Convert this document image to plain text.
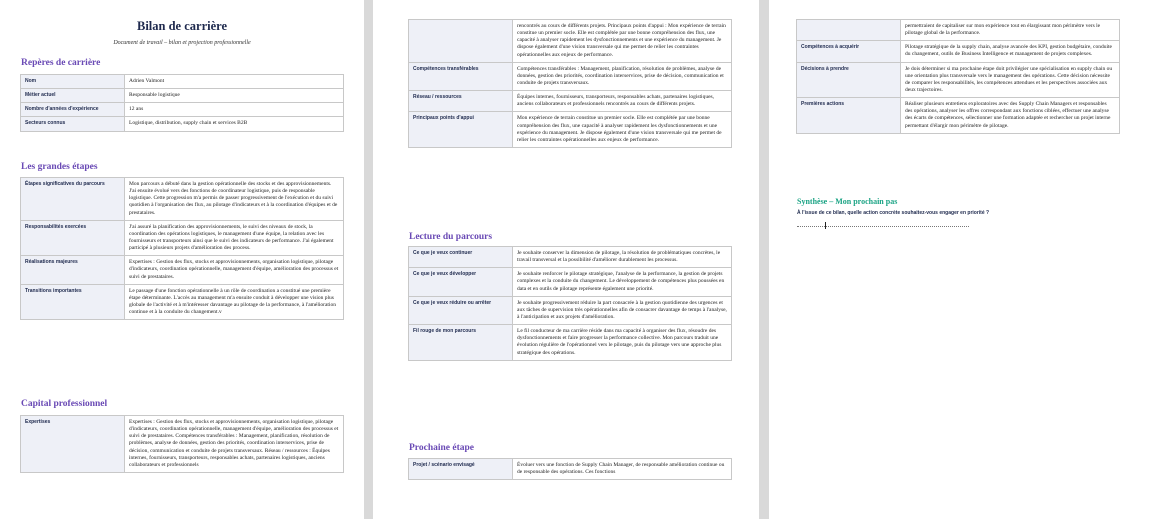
Bilan de carrière
Document de travail – bilan et projection professionnelle
Repères de carrière
Nom	Adrien Valmont
Métier actuel	Responsable logistique
Nombre d'années d'expérience	12 ans
Secteurs connus	Logistique, distribution, supply chain et services B2B
Les grandes étapes
Étapes significatives du parcours	Mon parcours a débuté dans la gestion opérationnelle des stocks et des approvisionnements. J'ai ensuite évolué vers des fonctions de coordinateur logistique, puis de responsable logistique. Cette progression m'a permis de passer progressivement de l'exécution et du suivi quotidien à l'organisation des flux, au pilotage d'indicateurs et à la coordination d'équipes et de prestataires.
Responsabilités exercées	J'ai assuré la planification des approvisionnements, le suivi des niveaux de stock, la coordination des opérations logistiques, le management d'une équipe, la relation avec les fournisseurs et transporteurs ainsi que le suivi des indicateurs de performance. J'ai également participé à plusieurs projets d'amélioration des process.
Réalisations majeures	Expertises : Gestion des flux, stocks et approvisionnements, organisation logistique, pilotage d'indicateurs, coordination opérationnelle, management d'équipe, amélioration des processus et suivi de prestataires.
Transitions importantes	Le passage d'une fonction opérationnelle à un rôle de coordination a constitué une première étape déterminante. L'accès au management m'a ensuite conduit à développer une vision plus globale de l'activité et à m'intéresser davantage au pilotage de la performance, à l'amélioration continue et à la conduite du changement.v
Capital professionnel
Expertises	Expertises : Gestion des flux, stocks et approvisionnements, organisation logistique, pilotage d'indicateurs, coordination opérationnelle, management d'équipe, amélioration des processus et suivi de prestataires. Compétences transférables : Management, planification, résolution de problèmes, analyse de données, gestion des priorités, coordination interservices, prise de décision, communication et conduite de projets transversaux. Réseau / ressources : Équipes internes, fournisseurs, transporteurs, responsables achats, partenaires logistiques, anciens collaborateurs et professionnels
	rencontrés au cours de différents projets. Principaux points d'appui : Mon expérience de terrain constitue un premier socle. Elle est complétée par une bonne compréhension des flux, une capacité à analyser rapidement les dysfonctionnements et une expérience du management. Je dispose également d'une vision transversale qui me permet de relier les contraintes opérationnelles aux enjeux de performance.
Compétences transférables	Compétences transférables : Management, planification, résolution de problèmes, analyse de données, gestion des priorités, coordination interservices, prise de décision, communication et conduite de projets transversaux.
Réseau / ressources	Équipes internes, fournisseurs, transporteurs, responsables achats, partenaires logistiques, anciens collaborateurs et professionnels rencontrés au cours de différents projets.
Principaux points d'appui	Mon expérience de terrain constitue un premier socle. Elle est complétée par une bonne compréhension des flux, une capacité à analyser rapidement les dysfonctionnements et une expérience du management. Je dispose également d'une vision transversale qui me permet de relier les contraintes opérationnelles aux enjeux de performance.
Lecture du parcours
Ce que je veux continuer	Je souhaite conserver la dimension de pilotage, la résolution de problématiques concrètes, le travail transversal et la possibilité d'améliorer durablement les processus.
Ce que je veux développer	Je souhaite renforcer le pilotage stratégique, l'analyse de la performance, la gestion de projets complexes et la conduite du changement. Le développement de compétences plus poussées en data et en outils de pilotage représente également une priorité.
Ce que je veux réduire ou arrêter	Je souhaite progressivement réduire la part consacrée à la gestion quotidienne des urgences et aux tâches de supervision très opérationnelles afin de consacrer davantage de temps à l'analyse, à l'anticipation et aux projets d'amélioration.
Fil rouge de mon parcours	Le fil conducteur de ma carrière réside dans ma capacité à organiser des flux, résoudre des dysfonctionnements et faire progresser la performance collective. Mon parcours traduit une évolution régulière de l'opérationnel vers le pilotage, puis du pilotage vers une approche plus stratégique des opérations.
Prochaine étape
Projet / scénario envisagé	Évoluer vers une fonction de Supply Chain Manager, de responsable amélioration continue ou de responsable des opérations. Ces fonctions
	permettraient de capitaliser sur mon expérience tout en élargissant mon périmètre vers le pilotage global de la performance.
Compétences à acquérir	Pilotage stratégique de la supply chain, analyse avancée des KPI, gestion budgétaire, conduite du changement, outils de Business Intelligence et management de projets complexes.
Décisions à prendre	Je dois déterminer si ma prochaine étape doit privilégier une spécialisation en supply chain ou une orientation plus transversale vers le management des opérations. Cette décision nécessite de comparer les responsabilités, les compétences attendues et les perspectives associées aux deux trajectoires.
Premières actions	Réaliser plusieurs entretiens exploratoires avec des Supply Chain Managers et responsables des opérations, analyser les offres correspondant aux fonctions ciblées, effectuer une analyse des écarts de compétences, sélectionner une formation adaptée et rechercher un projet interne permettant d'élargir mon périmètre de pilotage.
Synthèse – Mon prochain pas
À l'issue de ce bilan, quelle action concrète souhaitez-vous engager en priorité ?
